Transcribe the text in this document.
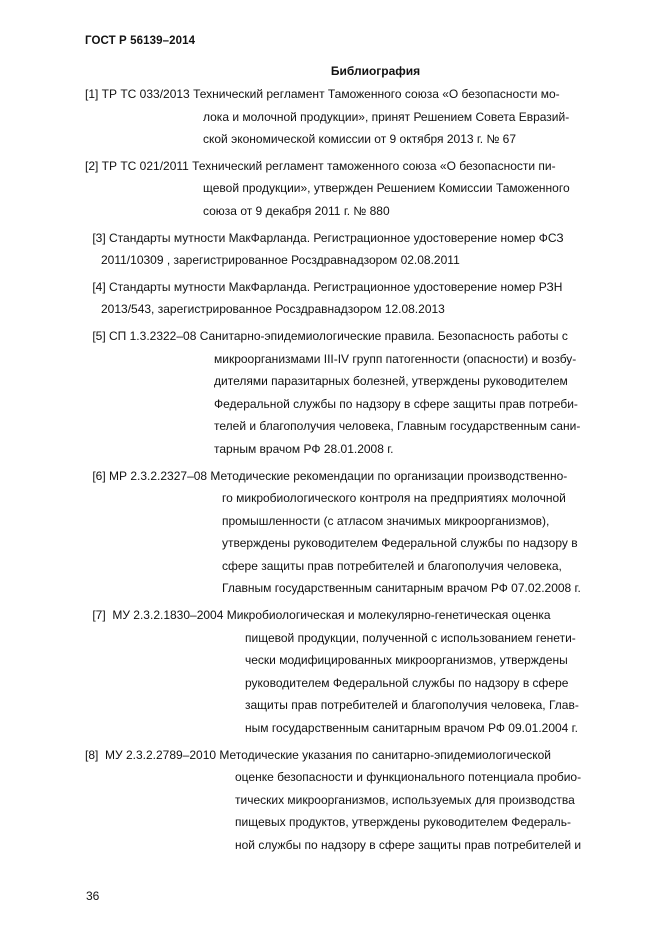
ГОСТ Р 56139–2014
Библиография
[1] ТР ТС 033/2013 Технический регламент Таможенного союза «О безопасности мо-
лока и молочной продукции», принят Решением Совета Евразий-
ской экономической комиссии от 9 октября 2013 г. № 67
[2] ТР ТС 021/2011 Технический регламент таможенного союза «О безопасности пи-
щевой продукции», утвержден Решением Комиссии Таможенного
союза от 9 декабря 2011 г. № 880
[3] Стандарты мутности МакФарланда. Регистрационное удостоверение номер ФСЗ
2011/10309 , зарегистрированное Росздравнадзором 02.08.2011
[4] Стандарты мутности МакФарланда. Регистрационное удостоверение номер РЗН
2013/543, зарегистрированное Росздравнадзором 12.08.2013
[5] СП 1.3.2322–08 Санитарно-эпидемиологические правила. Безопасность работы с
микроорганизмами III-IV групп патогенности (опасности) и возбу-
дителями паразитарных болезней, утверждены руководителем
Федеральной службы по надзору в сфере защиты прав потреби-
телей и благополучия человека, Главным государственным сани-
тарным врачом РФ 28.01.2008 г.
[6] МР 2.3.2.2327–08 Методические рекомендации по организации производственно-
го микробиологического контроля на предприятиях молочной
промышленности (с атласом значимых микроорганизмов),
утверждены руководителем Федеральной службы по надзору в
сфере защиты прав потребителей и благополучия человека,
Главным государственным санитарным врачом РФ 07.02.2008 г.
[7]  МУ 2.3.2.1830–2004 Микробиологическая и молекулярно-генетическая оценка
пищевой продукции, полученной с использованием генети-
чески модифицированных микроорганизмов, утверждены
руководителем Федеральной службы по надзору в сфере
защиты прав потребителей и благополучия человека, Глав-
ным государственным санитарным врачом РФ 09.01.2004 г.
[8]  МУ 2.3.2.2789–2010 Методические указания по санитарно-эпидемиологической
оценке безопасности и функционального потенциала пробио-
тических микроорганизмов, используемых для производства
пищевых продуктов, утверждены руководителем Федераль-
ной службы по надзору в сфере защиты прав потребителей и
36
